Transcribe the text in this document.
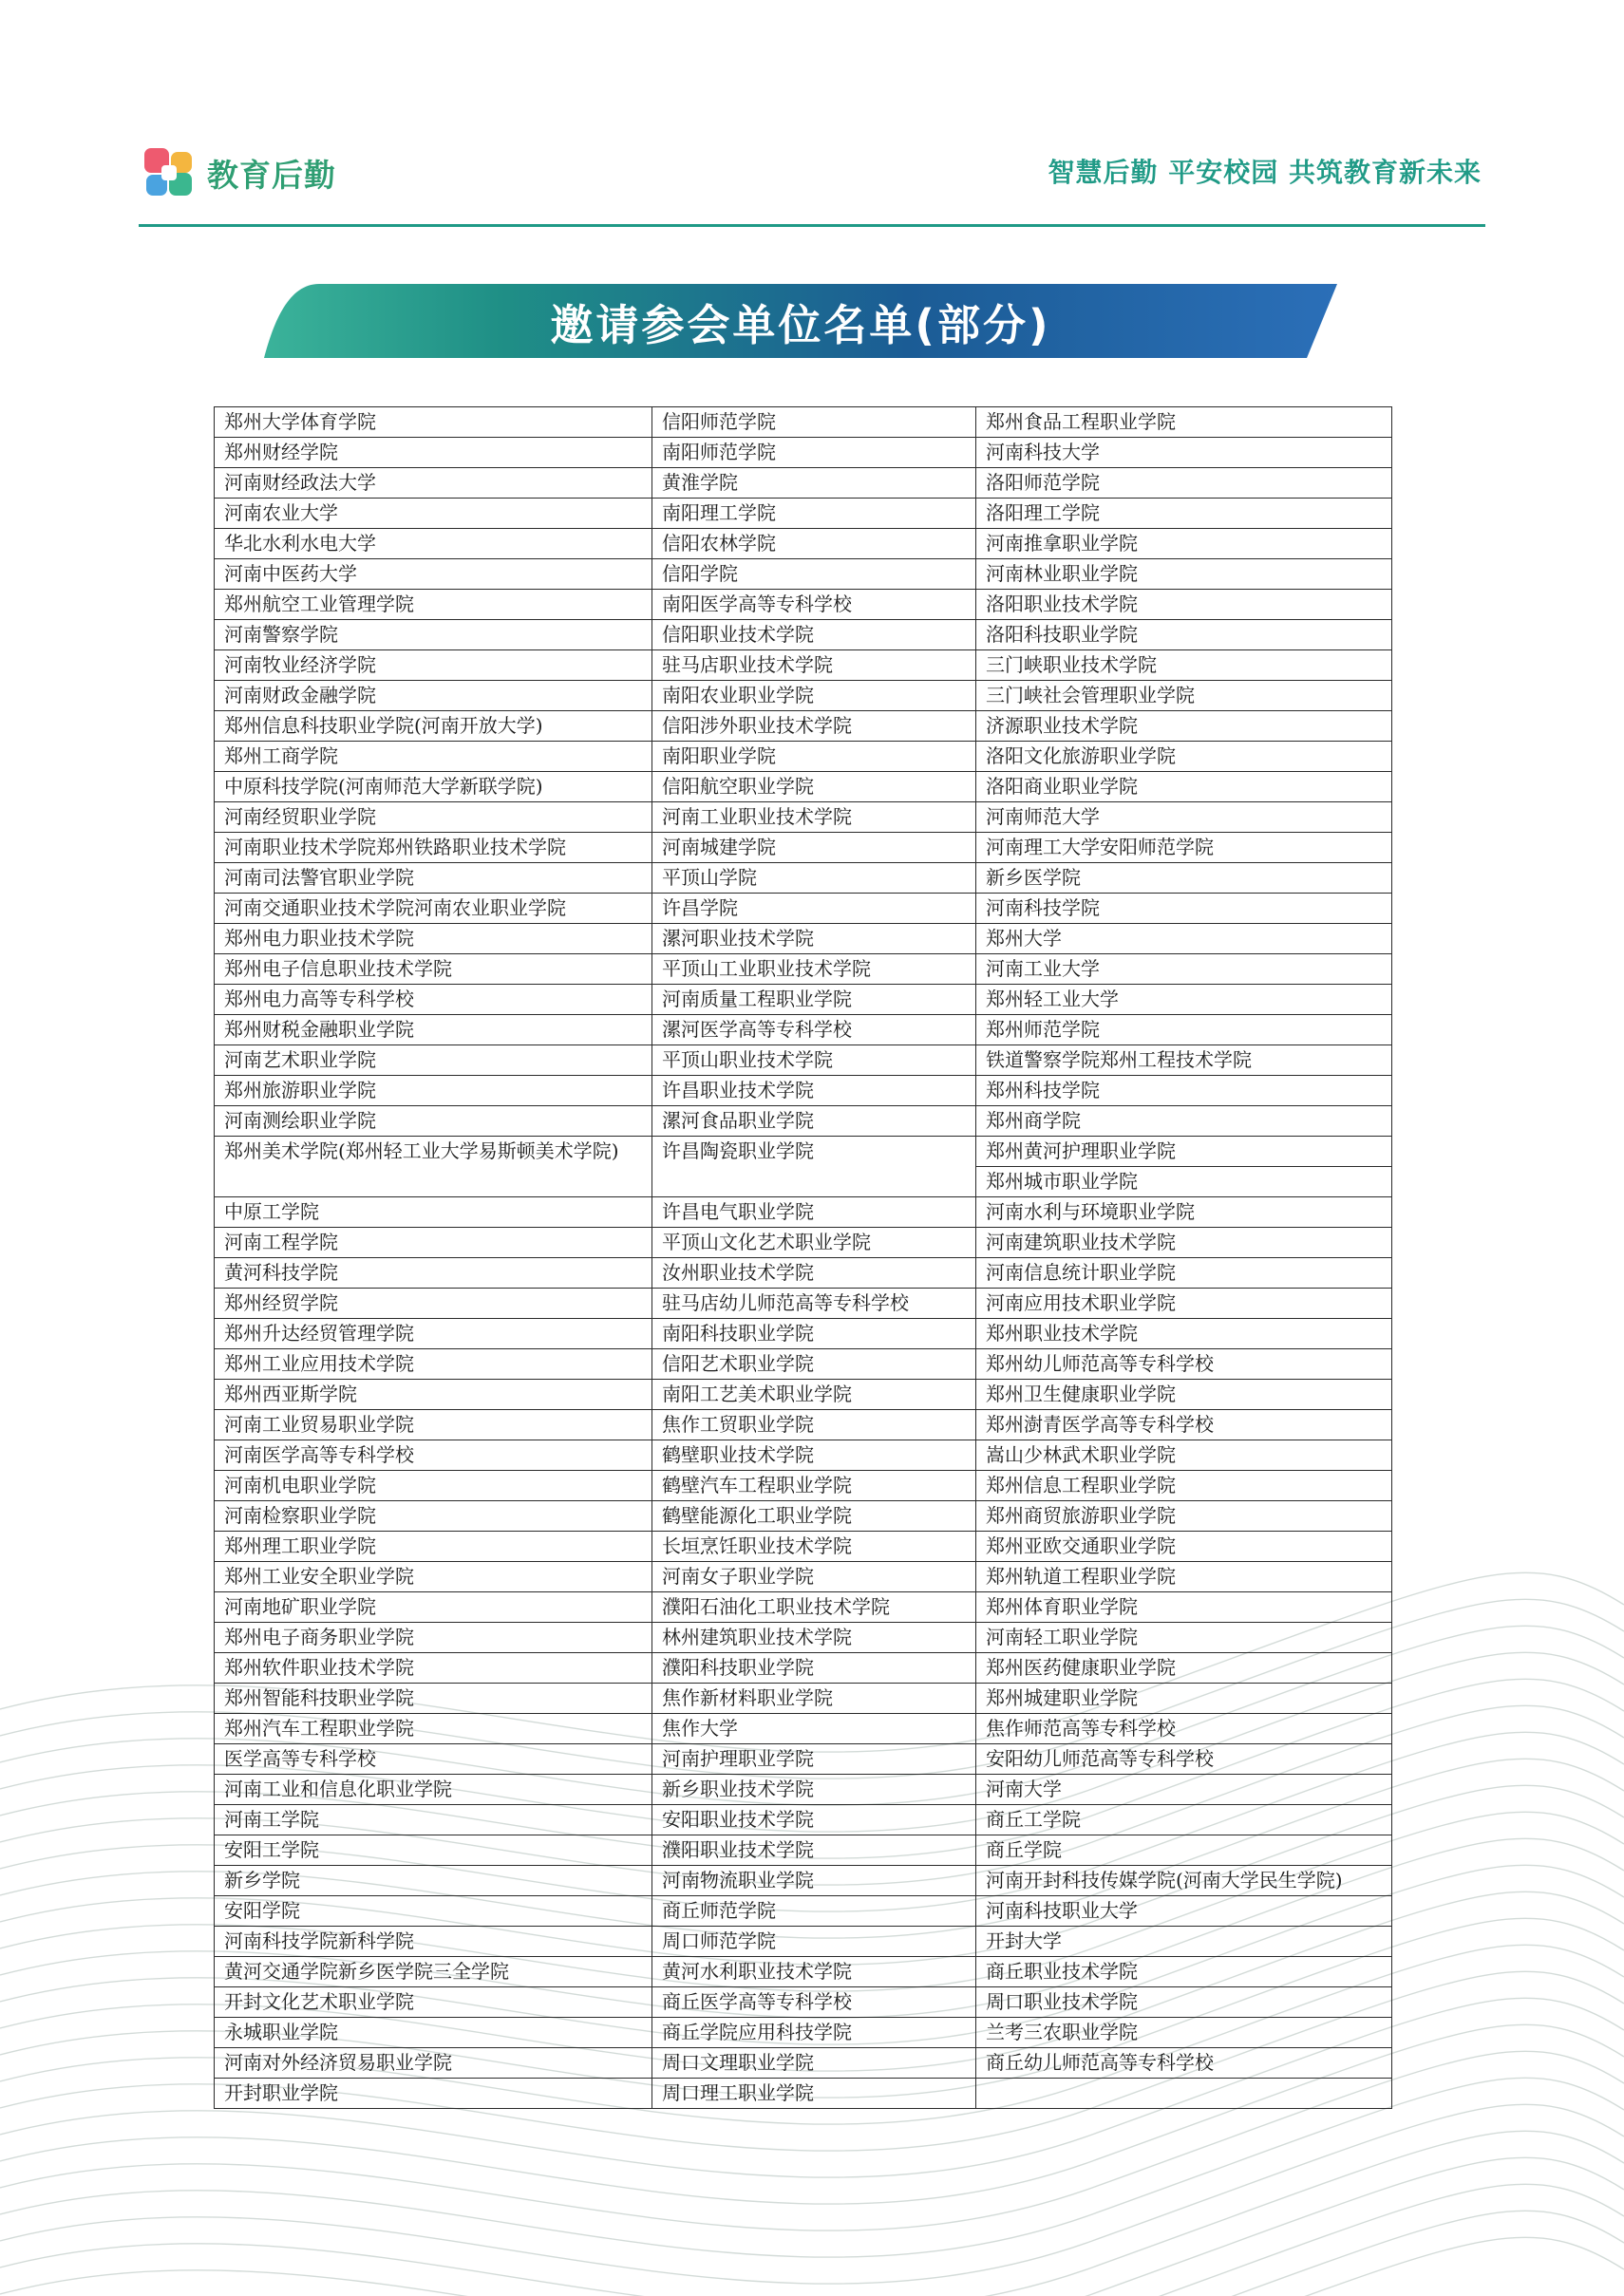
教育后勤	智慧后勤 平安校园 共筑教育新未来
邀请参会单位名单(部分)
郑州大学体育学院	信阳师范学院	郑州食品工程职业学院
郑州财经学院	南阳师范学院	河南科技大学
河南财经政法大学	黄淮学院	洛阳师范学院
河南农业大学	南阳理工学院	洛阳理工学院
华北水利水电大学	信阳农林学院	河南推拿职业学院
河南中医药大学	信阳学院	河南林业职业学院
郑州航空工业管理学院	南阳医学高等专科学校	洛阳职业技术学院
河南警察学院	信阳职业技术学院	洛阳科技职业学院
河南牧业经济学院	驻马店职业技术学院	三门峡职业技术学院
河南财政金融学院	南阳农业职业学院	三门峡社会管理职业学院
郑州信息科技职业学院(河南开放大学)	信阳涉外职业技术学院	济源职业技术学院
郑州工商学院	南阳职业学院	洛阳文化旅游职业学院
中原科技学院(河南师范大学新联学院)	信阳航空职业学院	洛阳商业职业学院
河南经贸职业学院	河南工业职业技术学院	河南师范大学
河南职业技术学院郑州铁路职业技术学院	河南城建学院	河南理工大学安阳师范学院
河南司法警官职业学院	平顶山学院	新乡医学院
河南交通职业技术学院河南农业职业学院	许昌学院	河南科技学院
郑州电力职业技术学院	漯河职业技术学院	郑州大学
郑州电子信息职业技术学院	平顶山工业职业技术学院	河南工业大学
郑州电力高等专科学校	河南质量工程职业学院	郑州轻工业大学
郑州财税金融职业学院	漯河医学高等专科学校	郑州师范学院
河南艺术职业学院	平顶山职业技术学院	铁道警察学院郑州工程技术学院
郑州旅游职业学院	许昌职业技术学院	郑州科技学院
河南测绘职业学院	漯河食品职业学院	郑州商学院
郑州美术学院(郑州轻工业大学易斯顿美术学院)	许昌陶瓷职业学院	郑州黄河护理职业学院
		郑州城市职业学院
中原工学院	许昌电气职业学院	河南水利与环境职业学院
河南工程学院	平顶山文化艺术职业学院	河南建筑职业技术学院
黄河科技学院	汝州职业技术学院	河南信息统计职业学院
郑州经贸学院	驻马店幼儿师范高等专科学校	河南应用技术职业学院
郑州升达经贸管理学院	南阳科技职业学院	郑州职业技术学院
郑州工业应用技术学院	信阳艺术职业学院	郑州幼儿师范高等专科学校
郑州西亚斯学院	南阳工艺美术职业学院	郑州卫生健康职业学院
河南工业贸易职业学院	焦作工贸职业学院	郑州澍青医学高等专科学校
河南医学高等专科学校	鹤壁职业技术学院	嵩山少林武术职业学院
河南机电职业学院	鹤壁汽车工程职业学院	郑州信息工程职业学院
河南检察职业学院	鹤壁能源化工职业学院	郑州商贸旅游职业学院
郑州理工职业学院	长垣烹饪职业技术学院	郑州亚欧交通职业学院
郑州工业安全职业学院	河南女子职业学院	郑州轨道工程职业学院
河南地矿职业学院	濮阳石油化工职业技术学院	郑州体育职业学院
郑州电子商务职业学院	林州建筑职业技术学院	河南轻工职业学院
郑州软件职业技术学院	濮阳科技职业学院	郑州医药健康职业学院
郑州智能科技职业学院	焦作新材料职业学院	郑州城建职业学院
郑州汽车工程职业学院	焦作大学	焦作师范高等专科学校
医学高等专科学校	河南护理职业学院	安阳幼儿师范高等专科学校
河南工业和信息化职业学院	新乡职业技术学院	河南大学
河南工学院	安阳职业技术学院	商丘工学院
安阳工学院	濮阳职业技术学院	商丘学院
新乡学院	河南物流职业学院	河南开封科技传媒学院(河南大学民生学院)
安阳学院	商丘师范学院	河南科技职业大学
河南科技学院新科学院	周口师范学院	开封大学
黄河交通学院新乡医学院三全学院	黄河水利职业技术学院	商丘职业技术学院
开封文化艺术职业学院	商丘医学高等专科学校	周口职业技术学院
永城职业学院	商丘学院应用科技学院	兰考三农职业学院
河南对外经济贸易职业学院	周口文理职业学院	商丘幼儿师范高等专科学校
开封职业学院	周口理工职业学院	
